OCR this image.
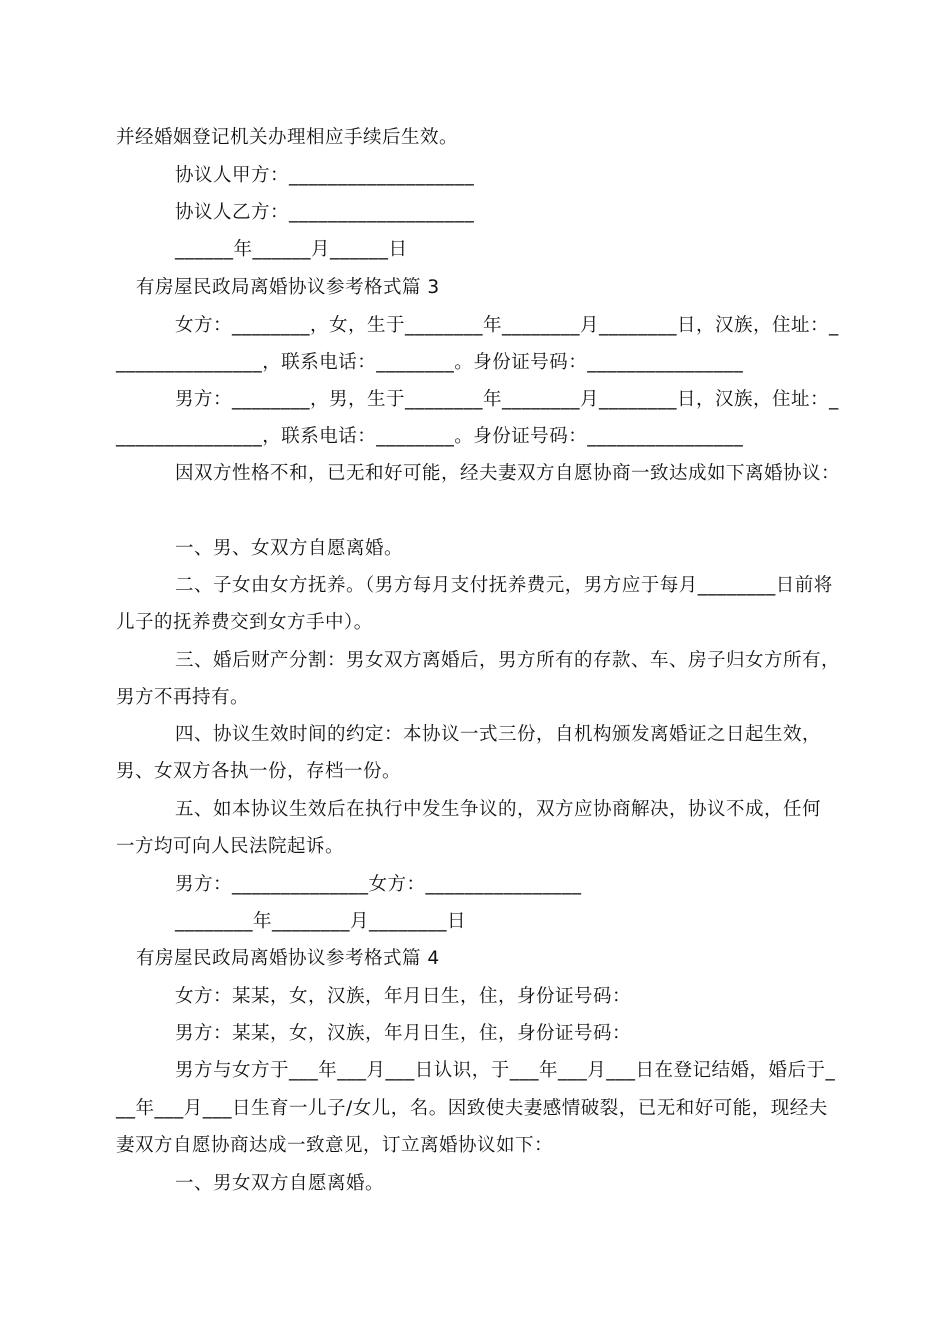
并经婚姻登记机关办理相应手续后生效。
协议人甲方：___________________
协议人乙方：___________________
______年______月______日
有房屋民政局离婚协议参考格式篇 3
女方：________，女，生于________年________月________日，汉族，住址：_
_______________，联系电话：________。身份证号码：________________
男方：________，男，生于________年________月________日，汉族，住址：_
_______________，联系电话：________。身份证号码：________________
因双方性格不和，已无和好可能，经夫妻双方自愿协商一致达成如下离婚协议：
一、男、女双方自愿离婚。
二、子女由女方抚养。（男方每月支付抚养费元，男方应于每月________日前将
儿子的抚养费交到女方手中）。
三、婚后财产分割：男女双方离婚后，男方所有的存款、车、房子归女方所有，
男方不再持有。
四、协议生效时间的约定：本协议一式三份，自机构颁发离婚证之日起生效，
男、女双方各执一份，存档一份。
五、如本协议生效后在执行中发生争议的，双方应协商解决，协议不成，任何
一方均可向人民法院起诉。
男方：______________女方：________________
________年________月________日
有房屋民政局离婚协议参考格式篇 4
女方：某某，女，汉族，年月日生，住，身份证号码：
男方：某某，女，汉族，年月日生，住，身份证号码：
男方与女方于___年___月___日认识，于___年___月___日在登记结婚，婚后于_
__年___月___日生育一儿子/女儿，名。因致使夫妻感情破裂，已无和好可能，现经夫
妻双方自愿协商达成一致意见，订立离婚协议如下：
一、男女双方自愿离婚。
